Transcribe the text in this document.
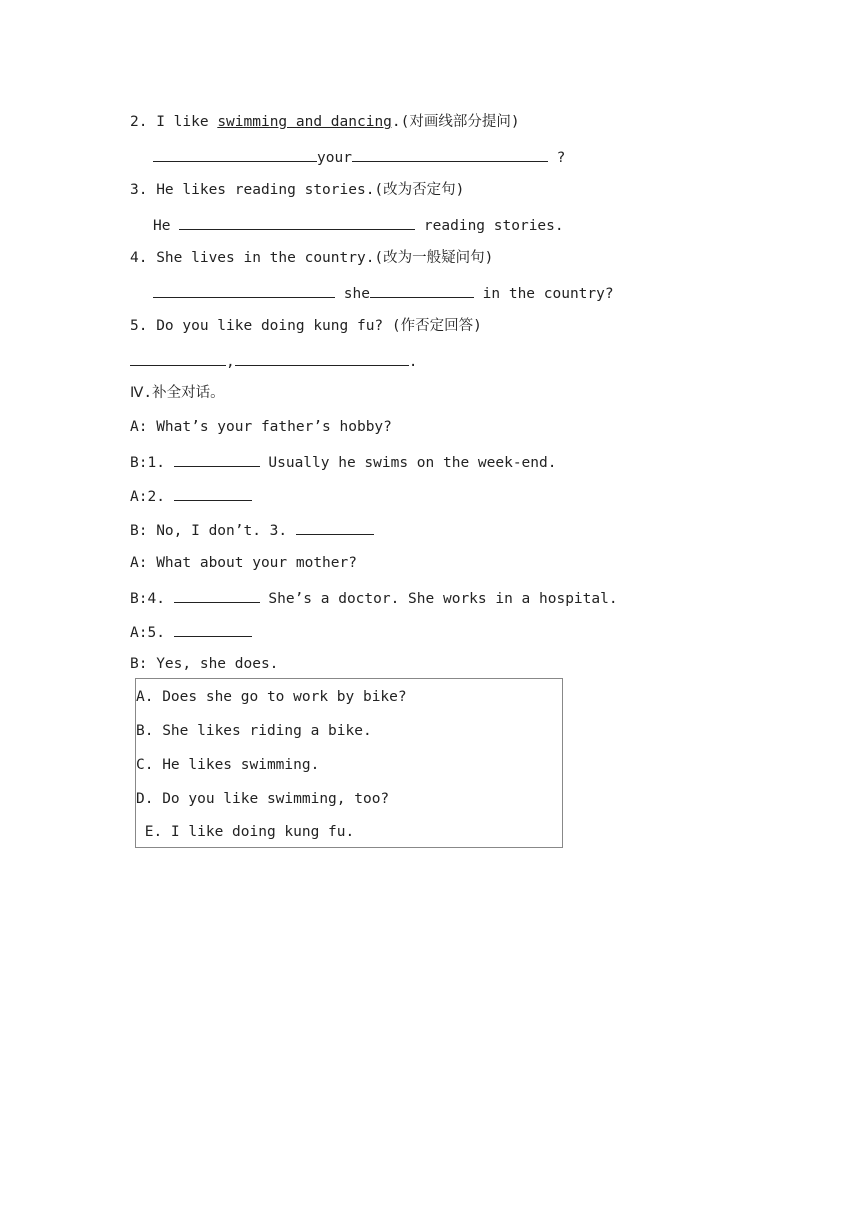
2. I like swimming and dancing.(对画线部分提问)
your	?
3. He likes reading stories.(改为否定句)
He	reading stories.
4. She lives in the country.(改为一般疑问句)
she	in the country?
5. Do you like doing kung fu? (作否定回答)
,	.
Ⅳ.补全对话。
A: What’s your father’s hobby?
B:1.	Usually he swims on the week-end.
A:2.
B: No, I don’t. 3.
A: What about your mother?
B:4.	She’s a doctor. She works in a hospital.
A:5.
B: Yes, she does.
A. Does she go to work by bike?
B. She likes riding a bike.
C. He likes swimming.
D. Do you like swimming, too?
E. I like doing kung fu.
